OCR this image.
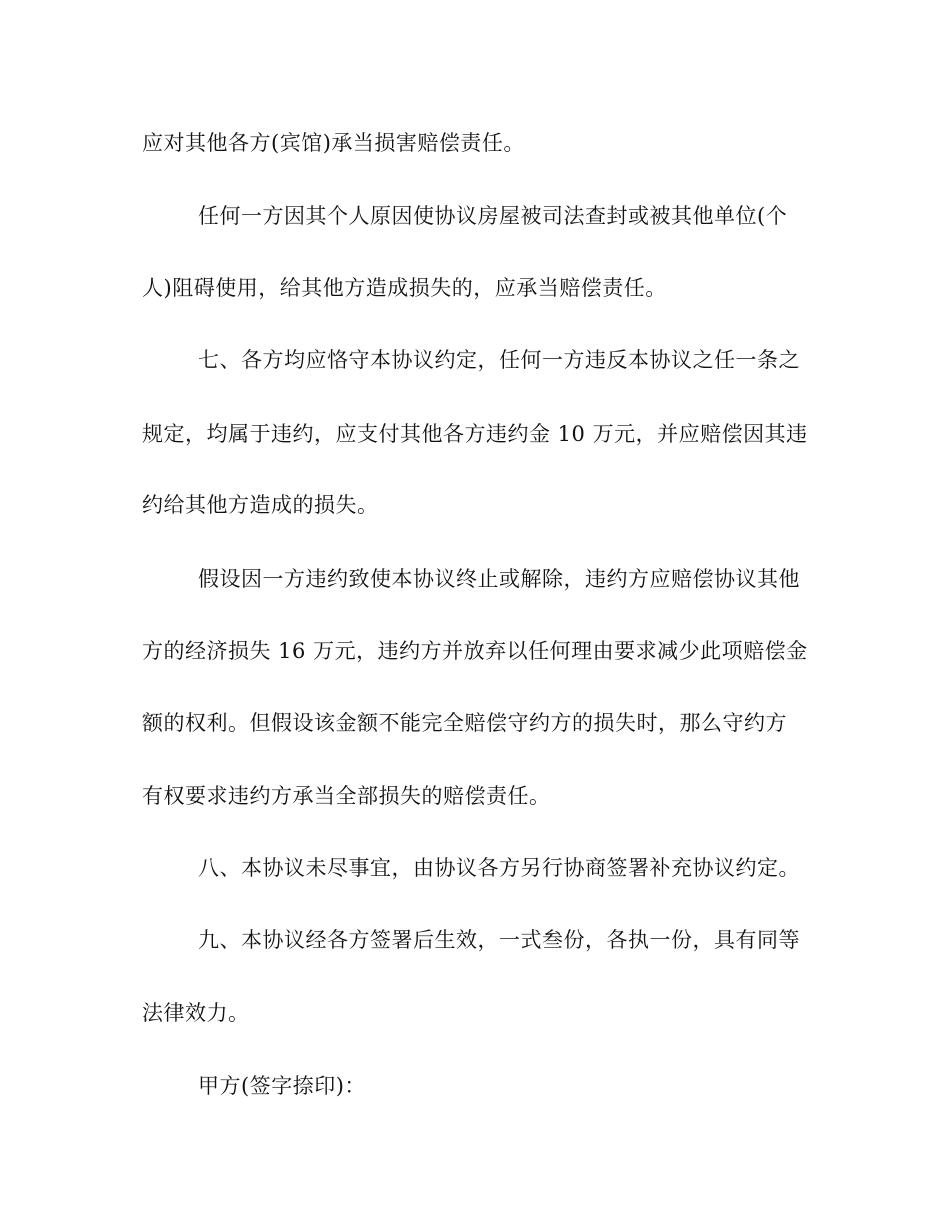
应对其他各方(宾馆)承当损害赔偿责任。
任何一方因其个人原因使协议房屋被司法查封或被其他单位(个
人)阻碍使用，给其他方造成损失的，应承当赔偿责任。
七、各方均应恪守本协议约定，任何一方违反本协议之任一条之
规定，均属于违约，应支付其他各方违约金 10 万元，并应赔偿因其违
约给其他方造成的损失。
假设因一方违约致使本协议终止或解除，违约方应赔偿协议其他
方的经济损失 16 万元，违约方并放弃以任何理由要求减少此项赔偿金
额的权利。但假设该金额不能完全赔偿守约方的损失时，那么守约方
有权要求违约方承当全部损失的赔偿责任。
八、本协议未尽事宜，由协议各方另行协商签署补充协议约定。
九、本协议经各方签署后生效，一式叁份，各执一份，具有同等
法律效力。
甲方(签字捺印)：
